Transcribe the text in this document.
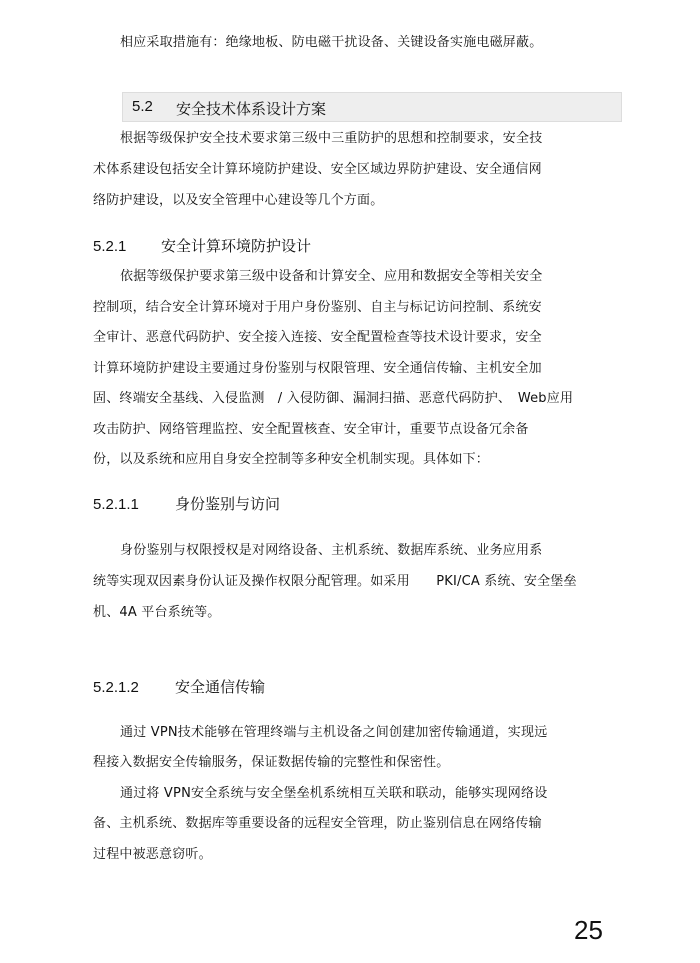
相应采取措施有：绝缘地板、防电磁干扰设备、关键设备实施电磁屏蔽。
5.2 安全技术体系设计方案
根据等级保护安全技术要求第三级中三重防护的思想和控制要求，安全技
术体系建设包括安全计算环境防护建设、安全区域边界防护建设、安全通信网
络防护建设，以及安全管理中心建设等几个方面。
5.2.1 安全计算环境防护设计
依据等级保护要求第三级中设备和计算安全、应用和数据安全等相关安全
控制项，结合安全计算环境对于用户身份鉴别、自主与标记访问控制、系统安
全审计、恶意代码防护、安全接入连接、安全配置检查等技术设计要求，安全
计算环境防护建设主要通过身份鉴别与权限管理、安全通信传输、主机安全加
固、终端安全基线、入侵监测　/ 入侵防御、漏洞扫描、恶意代码防护、　Web应用
攻击防护、网络管理监控、安全配置核查、安全审计，重要节点设备冗余备
份，以及系统和应用自身安全控制等多种安全机制实现。具体如下：
5.2.1.1 身份鉴别与访问
身份鉴别与权限授权是对网络设备、主机系统、数据库系统、业务应用系
统等实现双因素身份认证及操作权限分配管理。如采用　　PKI/CA 系统、安全堡垒
机、4A 平台系统等。
5.2.1.2 安全通信传输
通过 VPN技术能够在管理终端与主机设备之间创建加密传输通道，实现远
程接入数据安全传输服务，保证数据传输的完整性和保密性。
通过将 VPN安全系统与安全堡垒机系统相互关联和联动，能够实现网络设
备、主机系统、数据库等重要设备的远程安全管理，防止鉴别信息在网络传输
过程中被恶意窃听。
25
